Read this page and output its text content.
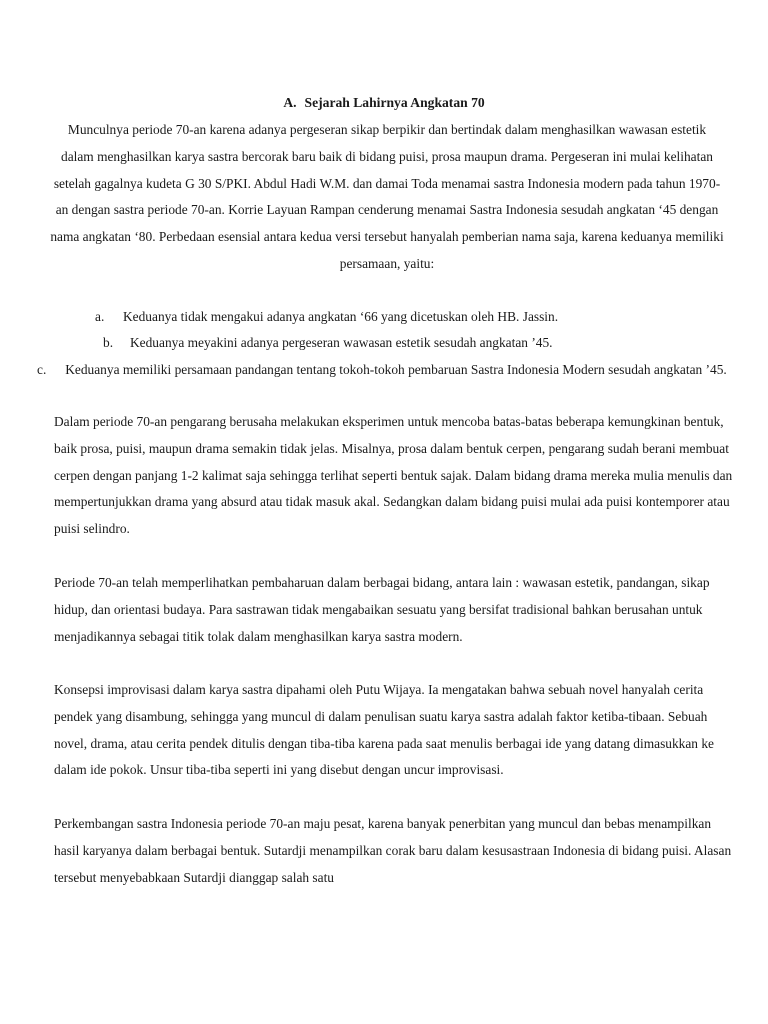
A. Sejarah Lahirnya Angkatan 70

Munculnya periode 70-an karena adanya pergeseran sikap berpikir dan bertindak dalam menghasilkan wawasan estetik dalam menghasilkan karya sastra bercorak baru baik di bidang puisi, prosa maupun drama. Pergeseran ini mulai kelihatan setelah gagalnya kudeta G 30 S/PKI. Abdul Hadi W.M. dan damai Toda menamai sastra Indonesia modern pada tahun 1970-an dengan sastra periode 70-an. Korrie Layuan Rampan cenderung menamai Sastra Indonesia sesudah angkatan ‘45 dengan nama angkatan ‘80. Perbedaan esensial antara kedua versi tersebut hanyalah pemberian nama saja, karena keduanya memiliki persamaan, yaitu:

a. Keduanya tidak mengakui adanya angkatan ‘66 yang dicetuskan oleh HB. Jassin.
b. Keduanya meyakini adanya pergeseran wawasan estetik sesudah angkatan ’45.
c.	Keduanya memiliki persamaan pandangan tentang tokoh-tokoh pembaruan Sastra Indonesia Modern sesudah angkatan ’45.

Dalam periode 70-an pengarang berusaha melakukan eksperimen untuk mencoba batas-batas beberapa kemungkinan bentuk, baik prosa, puisi, maupun drama semakin tidak jelas. Misalnya, prosa dalam bentuk cerpen, pengarang sudah berani membuat cerpen dengan panjang 1-2 kalimat saja sehingga terlihat seperti bentuk sajak. Dalam bidang drama mereka mulia menulis dan mempertunjukkan drama yang absurd atau tidak masuk akal. Sedangkan dalam bidang puisi mulai ada puisi kontemporer atau puisi selindro.

Periode 70-an telah memperlihatkan pembaharuan dalam berbagai bidang, antara lain : wawasan estetik, pandangan, sikap hidup, dan orientasi budaya. Para sastrawan tidak mengabaikan sesuatu yang bersifat tradisional bahkan berusahan untuk menjadikannya sebagai titik tolak dalam menghasilkan karya sastra modern.

Konsepsi improvisasi dalam karya sastra dipahami oleh Putu Wijaya. Ia mengatakan bahwa sebuah novel hanyalah cerita pendek yang disambung, sehingga yang muncul di dalam penulisan suatu karya sastra adalah faktor ketiba-tibaan. Sebuah novel, drama, atau cerita pendek ditulis dengan tiba-tiba karena pada saat menulis berbagai ide yang datang dimasukkan ke dalam ide pokok. Unsur tiba-tiba seperti ini yang disebut dengan uncur improvisasi.

Perkembangan sastra Indonesia periode 70-an maju pesat, karena banyak penerbitan yang muncul dan bebas menampilkan hasil karyanya dalam berbagai bentuk. Sutardji menampilkan corak baru dalam kesusastraan Indonesia di bidang puisi. Alasan tersebut menyebabkaan Sutardji dianggap salah satu
